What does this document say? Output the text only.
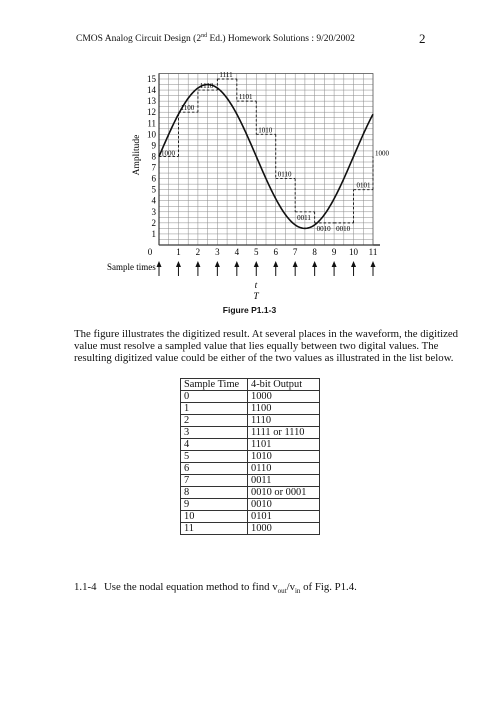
CMOS Analog Circuit Design (2nd Ed.) Homework Solutions : 9/20/2002	2
1
2
3
4
5
6
7
8
9
10
11
12
13
14
15
0	1 2 3 4 5 6 7 8 9 10 11
1000
1100
1110
1111
1101
1010
0110
0011
0010 0010
0101
1000
Amplitude
Sample times
t
T
Figure P1.1-3
The figure illustrates the digitized result. At several places in the waveform, the digitized
value must resolve a sampled value that lies equally between two digital values. The
resulting digitized value could be either of the two values as illustrated in the list below.
Sample Time	4-bit Output
0	1000
1	1100
2	1110
3	1111 or 1110
4	1101
5	1010
6	0110
7	0011
8	0010 or 0001
9	0010
10	0101
11	1000
1.1-4 Use the nodal equation method to find $v_{out}/v_{in}$ of Fig. P1.4.
